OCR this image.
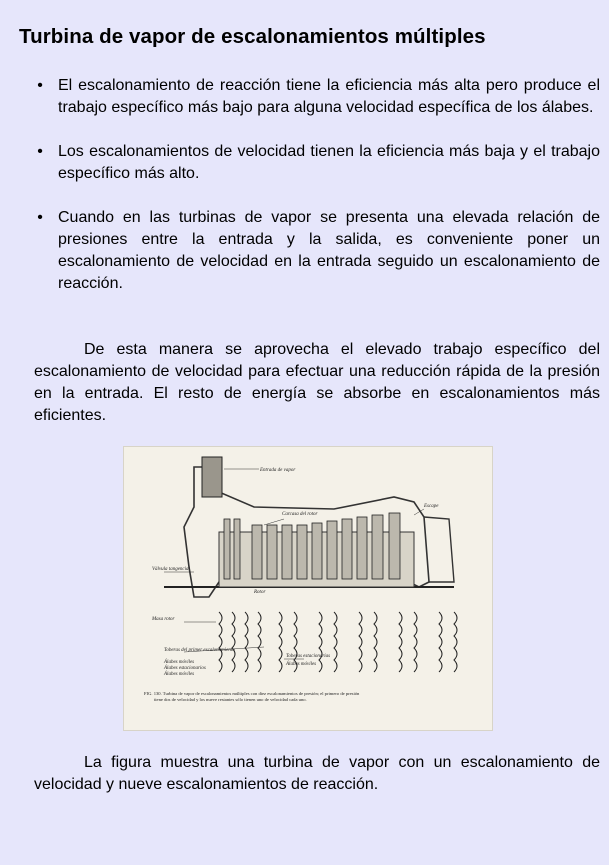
Turbina de vapor de escalonamientos múltiples
• El escalonamiento de reacción tiene la eficiencia más alta pero produce el trabajo específico más bajo para alguna velocidad específica de los álabes.
• Los escalonamientos de velocidad tienen la eficiencia más baja y el trabajo específico más alto.
• Cuando en las turbinas de vapor se presenta una elevada relación de presiones entre la entrada y la salida, es conveniente poner un escalonamiento de velocidad en la entrada seguido un escalonamiento de reacción.
De esta manera se aprovecha el elevado trabajo específico del escalonamiento de velocidad para efectuar una reducción rápida de la presión en la entrada. El resto de energía se absorbe en escalonamientos más eficientes.
Entrada de vapor
Carcasa del rotor
Escape
Válvula tangencial
Rotor
Masa rotor
Toberas del primer escalonamiento
Álabes móviles
Álabes estacionarios
Álabes móviles
Toberas estacionarias
Álabes móviles
FIG. 130. Turbina de vapor de escalonamientos múltiples con diez escalonamientos de presión; el primero de presión tiene dos de velocidad y los nueve restantes sólo tienen uno de velocidad cada uno.
La figura muestra una turbina de vapor con un escalonamiento de velocidad y nueve escalonamientos de reacción.
